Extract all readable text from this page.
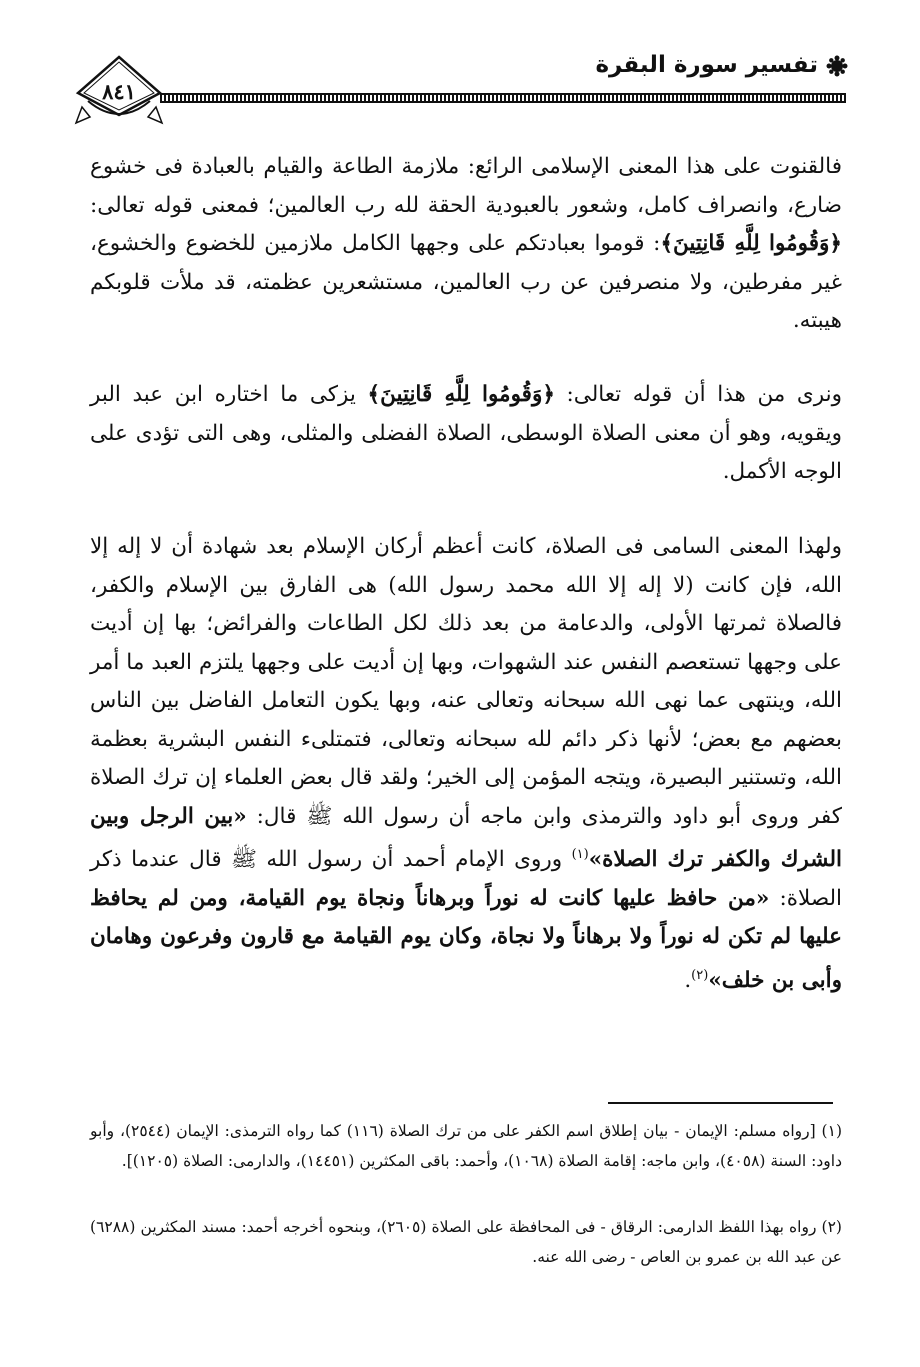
تفسير سورة البقرة
٨٤١

فالقنوت على هذا المعنى الإسلامى الرائع: ملازمة الطاعة والقيام بالعبادة فى خشوع ضارع، وانصراف كامل، وشعور بالعبودية الحقة لله رب العالمين؛ فمعنى قوله تعالى: ﴿وَقُومُوا لِلَّهِ قَانِتِينَ﴾: قوموا بعبادتكم على وجهها الكامل ملازمين للخضوع والخشوع، غير مفرطين، ولا منصرفين عن رب العالمين، مستشعرين عظمته، قد ملأت قلوبكم هيبته.

ونرى من هذا أن قوله تعالى: ﴿وَقُومُوا لِلَّهِ قَانِتِينَ﴾ يزكى ما اختاره ابن عبد البر ويقويه، وهو أن معنى الصلاة الوسطى، الصلاة الفضلى والمثلى، وهى التى تؤدى على الوجه الأكمل.

ولهذا المعنى السامى فى الصلاة، كانت أعظم أركان الإسلام بعد شهادة أن لا إله إلا الله، فإن كانت (لا إله إلا الله محمد رسول الله) هى الفارق بين الإسلام والكفر، فالصلاة ثمرتها الأولى، والدعامة من بعد ذلك لكل الطاعات والفرائض؛ بها إن أديت على وجهها تستعصم النفس عند الشهوات، وبها إن أديت على وجهها يلتزم العبد ما أمر الله، وينتهى عما نهى الله سبحانه وتعالى عنه، وبها يكون التعامل الفاضل بين الناس بعضهم مع بعض؛ لأنها ذكر دائم لله سبحانه وتعالى، فتمتلىء النفس البشرية بعظمة الله، وتستنير البصيرة، ويتجه المؤمن إلى الخير؛ ولقد قال بعض العلماء إن ترك الصلاة كفر وروى أبو داود والترمذى وابن ماجه أن رسول الله ﷺ قال: «بين الرجل وبين الشرك والكفر ترك الصلاة»$^{(١)}$ وروى الإمام أحمد أن رسول الله ﷺ قال عندما ذكر الصلاة: «من حافظ عليها كانت له نوراً وبرهاناً ونجاة يوم القيامة، ومن لم يحافظ عليها لم تكن له نوراً ولا برهاناً ولا نجاة، وكان يوم القيامة مع قارون وفرعون وهامان وأبى بن خلف»$^{(٢)}$.

(١) [رواه مسلم: الإيمان - بيان إطلاق اسم الكفر على من ترك الصلاة (١١٦) كما رواه الترمذى: الإيمان (٢٥٤٤)، وأبو داود: السنة (٤٠٥٨)، وابن ماجه: إقامة الصلاة (١٠٦٨)، وأحمد: باقى المكثرين (١٤٤٥١)، والدارمى: الصلاة (١٢٠٥)].

(٢) رواه بهذا اللفظ الدارمى: الرقاق - فى المحافظة على الصلاة (٢٦٠٥)، وبنحوه أخرجه أحمد: مسند المكثرين (٦٢٨٨) عن عبد الله بن عمرو بن العاص - رضى الله عنه.
